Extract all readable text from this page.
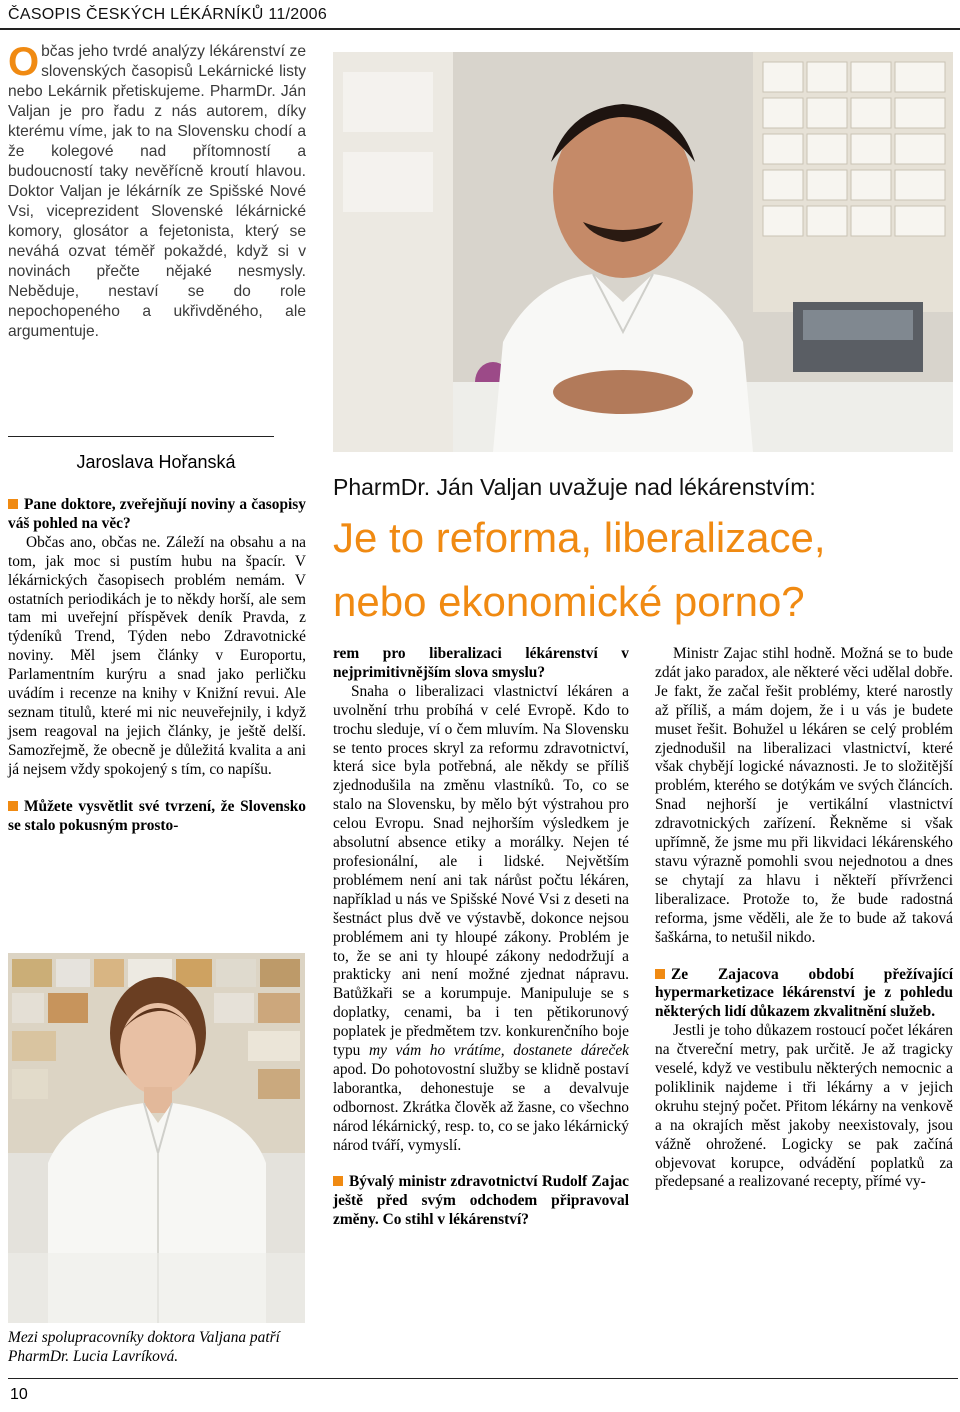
ČASOPIS ČESKÝCH LÉKÁRNÍKŮ 11/2006
Občas jeho tvrdé analýzy lékárenství ze slovenských časopisů Lekárnické listy nebo Lekárnik přetiskujeme. PharmDr. Ján Valjan je pro řadu z nás autorem, díky kterému víme, jak to na Slovensku chodí a že kolegové nad přítomností a budoucností taky nevěřícně kroutí hlavou. Doktor Valjan je lékárník ze Spišské Nové Vsi, viceprezident Slovenské lékárnické komory, glosátor a fejetonista, který se neváhá ozvat téměř pokaždé, když si v novinách přečte nějaké nesmysly. Neběduje, nestaví se do role nepochopeného a ukřivděného, ale argumentuje.
Jaroslava Hořanská

Pane doktore, zveřejňují noviny a časopisy váš pohled na věc?

Občas ano, občas ne. Záleží na obsahu a na tom, jak moc si pustím hubu na špacír. V lékárnických časopisech problém nemám. V ostatních periodikách je to někdy horší, ale sem tam mi uveřejní příspěvek deník Pravda, z týdeníků Trend, Týden nebo Zdravotnické noviny. Měl jsem články v Europortu, Parlamentním kurýru a snad jako perličku uvádím i recenze na knihy v Knižní revui. Ale seznam titulů, které mi nic neuveřejnily, i když jsem reagoval na jejich články, je ještě delší. Samozřejmě, že obecně je důležitá kvalita a ani já nejsem vždy spokojený s tím, co napíšu.

Můžete vysvětlit své tvrzení, že Slovensko se stalo pokusným prosto-

Mezi spolupracovníky doktora Valjana patří PharmDr. Lucia Lavríková.
PharmDr. Ján Valjan uvažuje nad lékárenstvím:
Je to reforma, liberalizace,
nebo ekonomické porno?

rem pro liberalizaci lékárenství v nejprimitivnějším slova smyslu?

Snaha o liberalizaci vlastnictví lékáren a uvolnění trhu probíhá v celé Evropě. Kdo to trochu sleduje, ví o čem mluvím. Na Slovensku se tento proces skryl za reformu zdravotnictví, která sice byla potřebná, ale někdy se příliš zjednodušila na změnu vlastníků. To, co se stalo na Slovensku, by mělo být výstrahou pro celou Evropu. Snad nejhorším výsledkem je absolutní absence etiky a morálky. Nejen té profesionální, ale i lidské. Největším problémem není ani tak nárůst počtu lékáren, například u nás ve Spišské Nové Vsi z deseti na šestnáct plus dvě ve výstavbě, dokonce nejsou problémem ani ty hloupé zákony. Problém je to, že se ani ty hloupé zákony nedodržují a prakticky ani není možné zjednat nápravu. Batůžkaři se a korumpuje. Manipuluje se s doplatky, cenami, ba i ten pětikorunový poplatek je předmětem tzv. konkurenčního boje typu my vám ho vrátíme, dostanete dáreček apod. Do pohotovostní služby se klidně postaví laborantka, dehonestuje se a devalvuje odbornost. Zkrátka člověk až žasne, co všechno národ lékárnický, resp. to, co se jako lékárnický národ tváří, vymyslí.

Bývalý ministr zdravotnictví Rudolf Zajac ještě před svým odchodem připravoval změny. Co stihl v lékárenství?

Ministr Zajac stihl hodně. Možná se to bude zdát jako paradox, ale některé věci udělal dobře. Je fakt, že začal řešit problémy, které narostly až příliš, a mám dojem, že i u vás je budete muset řešit. Bohužel u lékáren se celý problém zjednodušil na liberalizaci vlastnictví, které však chybějí logické návaznosti. Je to složitější problém, kterého se dotýkám ve svých článcích. Snad nejhorší je vertikální vlastnictví zdravotnických zařízení. Řekněme si však upřímně, že jsme mu při likvidaci lékárenského stavu výrazně pomohli svou nejednotou a dnes se chytají za hlavu i někteří přívrženci liberalizace. Protože to, že bude radostná reforma, jsme věděli, ale že to bude až taková šaškárna, to netušil nikdo.

Ze Zajacova období přežívající hypermarketizace lékárenství je z pohledu některých lidí důkazem zkvalitnění služeb.

Jestli je toho důkazem rostoucí počet lékáren na čtvereční metry, pak určitě. Je až tragicky veselé, když ve vestibulu některých nemocnic a poliklinik najdeme i tři lékárny a v jejich okruhu stejný počet. Přitom lékárny na venkově a na okrajích měst jakoby neexistovaly, jsou vážně ohrožené. Logicky se pak začíná objevovat korupce, odvádění poplatků za předepsané a realizované recepty, přímé vy-

10
